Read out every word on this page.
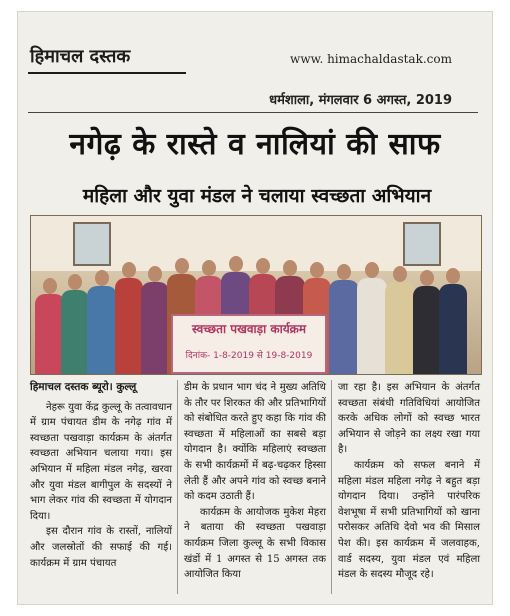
हिमाचल दस्तक	www. himachaldastak.com
धर्मशाला, मंगलवार 6 अगस्त, 2019
नगेढ़ के रास्ते व नालियां की साफ
महिला और युवा मंडल ने चलाया स्वच्छता अभियान
स्वच्छता पखवाड़ा कार्यक्रम
दिनांक- 1-8-2019 से 19-8-2019

हिमाचल दस्तक ब्यूरो। कुल्लू

नेहरू युवा केंद्र कुल्लू के तत्वावधान में ग्राम पंचायत डीम के नगेढ़ गांव में स्वच्छता पखवाड़ा कार्यक्रम के अंतर्गत स्वच्छता अभियान चलाया गया। इस अभियान में महिला मंडल नगेढ़, खरवा और युवा मंडल बागीपुल के सदस्यों ने भाग लेकर गांव की स्वच्छता में योगदान दिया।

इस दौरान गांव के रास्तों, नालियों और जलस्रोतों की सफाई की गई। कार्यक्रम में ग्राम पंचायत

डीम के प्रधान भाग चंद ने मुख्य अतिथि के तौर पर शिरकत की और प्रतिभागियों को संबोधित करते हुए कहा कि गांव की स्वच्छता में महिलाओं का सबसे बड़ा योगदान है। क्योंकि महिलाएं स्वच्छता के सभी कार्यक्रमों में बढ़-चढ़कर हिस्सा लेती हैं और अपने गांव को स्वच्छ बनाने को कदम उठाती हैं।

कार्यक्रम के आयोजक मुकेश मेहरा ने बताया की स्वच्छता पखवाड़ा कार्यक्रम जिला कुल्लू के सभी विकास खंडों में 1 अगस्त से 15 अगस्त तक आयोजित किया

जा रहा है। इस अभियान के अंतर्गत स्वच्छता संबंधी गतिविधियां आयोजित करके अधिक लोगों को स्वच्छ भारत अभियान से जोड़ने का लक्ष्य रखा गया है।

कार्यक्रम को सफल बनाने में महिला मंडल महिला नगेढ़ ने बहुत बड़ा योगदान दिया। उन्होंने पारंपरिक वेशभूषा में सभी प्रतिभागियों को खाना परोसकर अतिथि देवो भव की मिसाल पेश की। इस कार्यक्रम में जलवाहक, वार्ड सदस्य, युवा मंडल एवं महिला मंडल के सदस्य मौजूद रहे।
